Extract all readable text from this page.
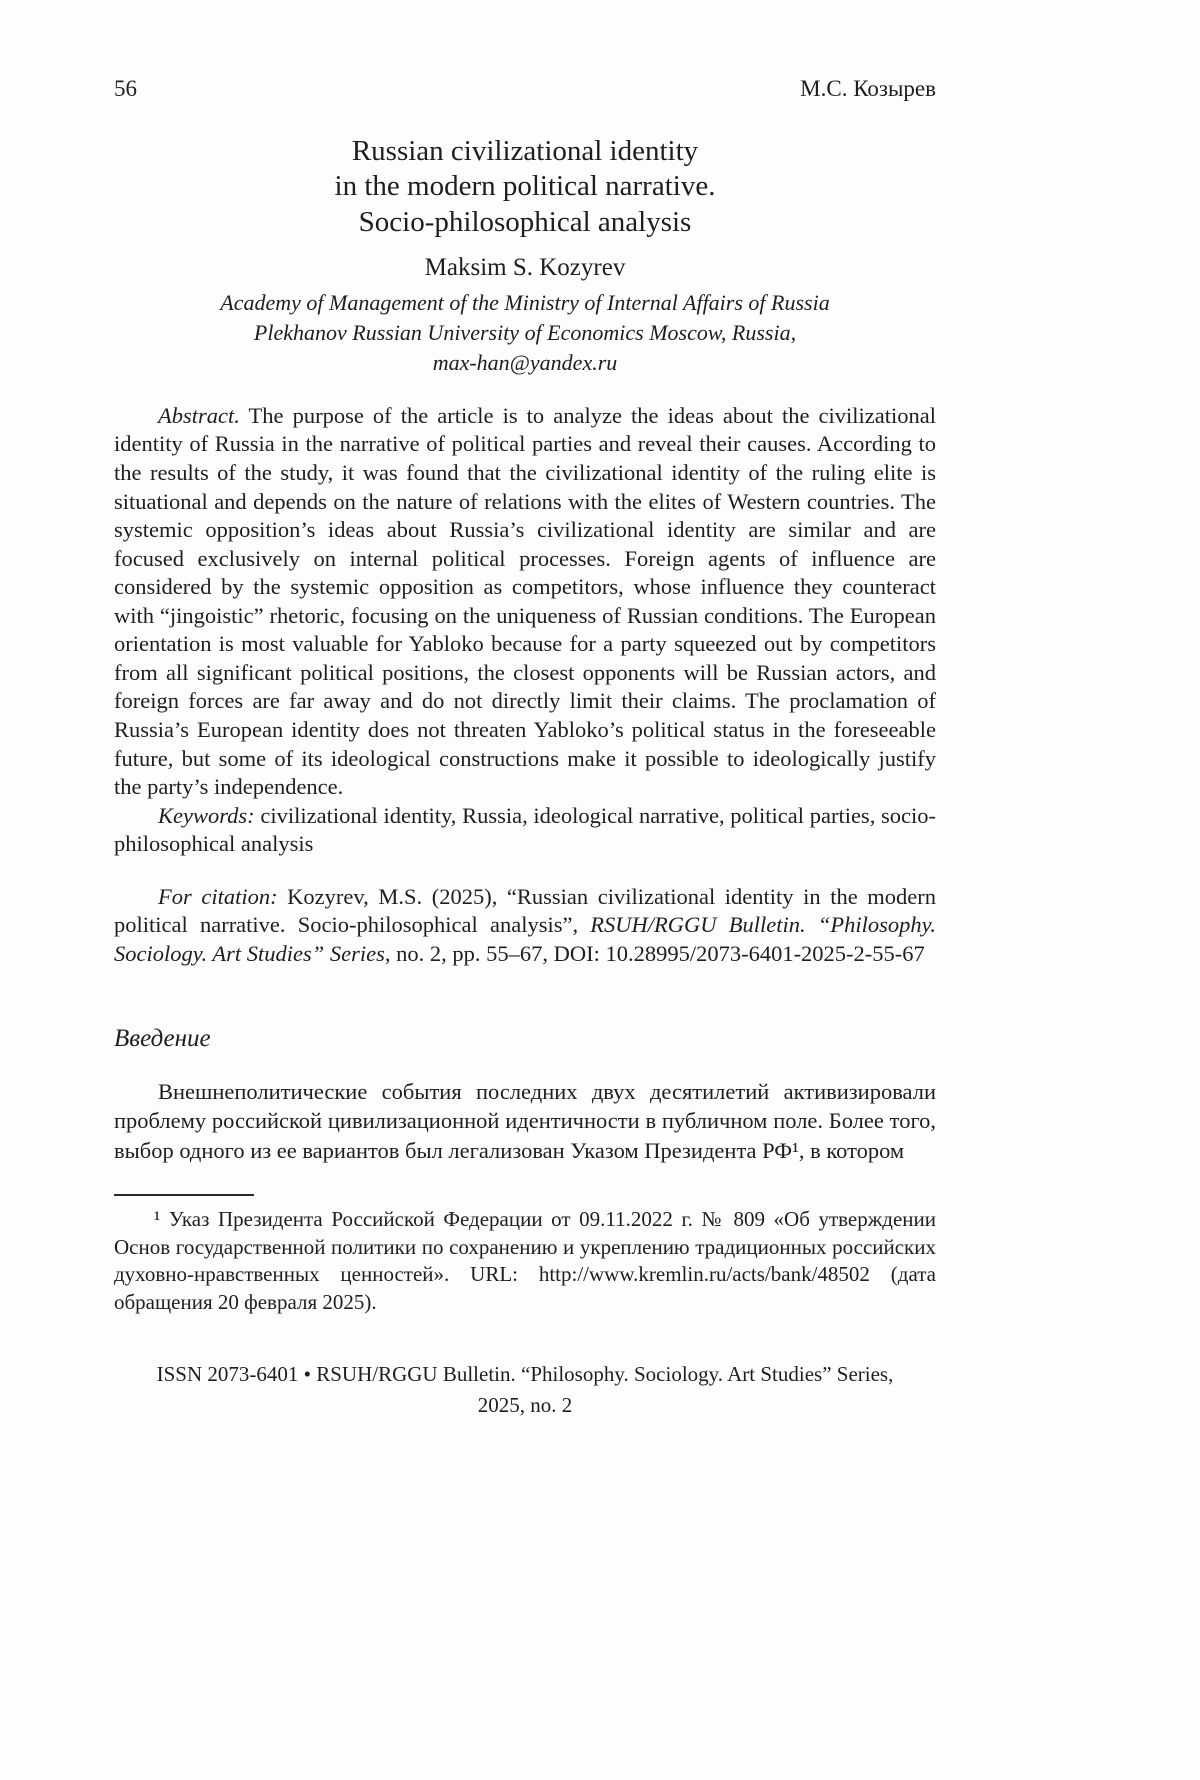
56	М.С. Козырев
Russian civilizational identity
in the modern political narrative.
Socio-philosophical analysis
Maksim S. Kozyrev
Academy of Management of the Ministry of Internal Affairs of Russia
Plekhanov Russian University of Economics Moscow, Russia,
max-han@yandex.ru

Abstract. The purpose of the article is to analyze the ideas about the civilizational identity of Russia in the narrative of political parties and reveal their causes. According to the results of the study, it was found that the civilizational identity of the ruling elite is situational and depends on the nature of relations with the elites of Western countries. The systemic opposition’s ideas about Russia’s civilizational identity are similar and are focused exclusively on internal political processes. Foreign agents of influence are considered by the systemic opposition as competitors, whose influence they counteract with “jingoistic” rhetoric, focusing on the uniqueness of Russian conditions. The European orientation is most valuable for Yabloko because for a party squeezed out by competitors from all significant political positions, the closest opponents will be Russian actors, and foreign forces are far away and do not directly limit their claims. The proclamation of Russia’s European identity does not threaten Yabloko’s political status in the foreseeable future, but some of its ideological constructions make it possible to ideologically justify the party’s independence.

Keywords: civilizational identity, Russia, ideological narrative, political parties, socio-philosophical analysis

For citation: Kozyrev, M.S. (2025), “Russian civilizational identity in the modern political narrative. Socio-philosophical analysis”, RSUH/RGGU Bulletin. “Philosophy. Sociology. Art Studies” Series, no. 2, pp. 55–67, DOI: 10.28995/2073-6401-2025-2-55-67

Введение

Внешнеполитические события последних двух десятилетий активизировали проблему российской цивилизационной идентичности в публичном поле. Более того, выбор одного из ее вариантов был легализован Указом Президента РФ¹, в котором

¹ Указ Президента Российской Федерации от 09.11.2022 г. № 809 «Об утверждении Основ государственной политики по сохранению и укреплению традиционных российских духовно-нравственных ценностей». URL: http://www.kremlin.ru/acts/bank/48502 (дата обращения 20 февраля 2025).

ISSN 2073-6401 • RSUH/RGGU Bulletin. “Philosophy. Sociology. Art Studies” Series,
2025, no. 2
